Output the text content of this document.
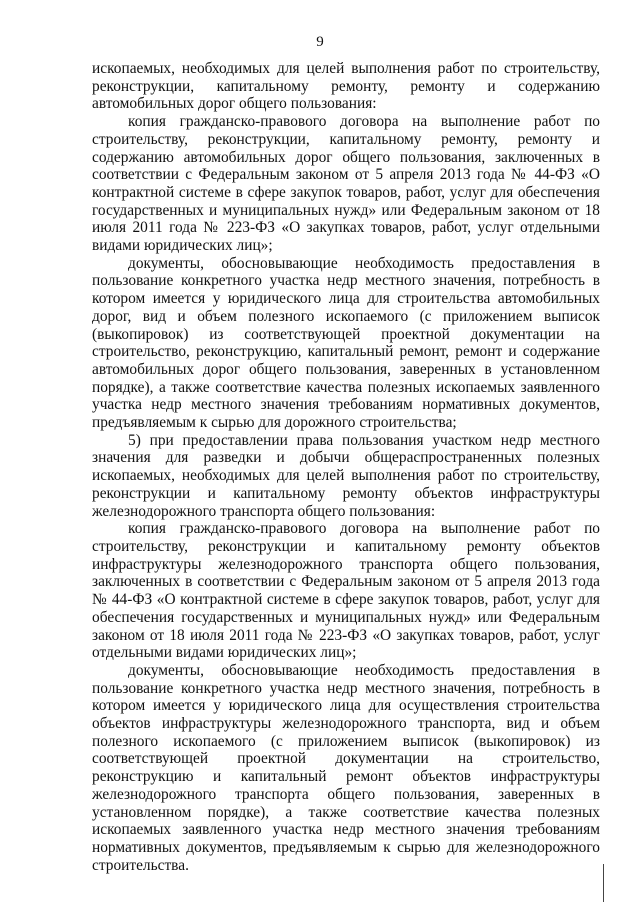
9

ископаемых, необходимых для целей выполнения работ по строительству, реконструкции, капитальному ремонту, ремонту и содержанию автомобильных дорог общего пользования:

копия гражданско-правового договора на выполнение работ по строительству, реконструкции, капитальному ремонту, ремонту и содержанию автомобильных дорог общего пользования, заключенных в соответствии с Федеральным законом от 5 апреля 2013 года № 44-ФЗ «О контрактной системе в сфере закупок товаров, работ, услуг для обеспечения государственных и муниципальных нужд» или Федеральным законом от 18 июля 2011 года № 223-ФЗ «О закупках товаров, работ, услуг отдельными видами юридических лиц»;

документы, обосновывающие необходимость предоставления в пользование конкретного участка недр местного значения, потребность в котором имеется у юридического лица для строительства автомобильных дорог, вид и объем полезного ископаемого (с приложением выписок (выкопировок) из соответствующей проектной документации на строительство, реконструкцию, капитальный ремонт, ремонт и содержание автомобильных дорог общего пользования, заверенных в установленном порядке), а также соответствие качества полезных ископаемых заявленного участка недр местного значения требованиям нормативных документов, предъявляемым к сырью для дорожного строительства;

5) при предоставлении права пользования участком недр местного значения для разведки и добычи общераспространенных полезных ископаемых, необходимых для целей выполнения работ по строительству, реконструкции и капитальному ремонту объектов инфраструктуры железнодорожного транспорта общего пользования:

копия гражданско-правового договора на выполнение работ по строительству, реконструкции и капитальному ремонту объектов инфраструктуры железнодорожного транспорта общего пользования, заключенных в соответствии с Федеральным законом от 5 апреля 2013 года № 44-ФЗ «О контрактной системе в сфере закупок товаров, работ, услуг для обеспечения государственных и муниципальных нужд» или Федеральным законом от 18 июля 2011 года № 223-ФЗ «О закупках товаров, работ, услуг отдельными видами юридических лиц»;

документы, обосновывающие необходимость предоставления в пользование конкретного участка недр местного значения, потребность в котором имеется у юридического лица для осуществления строительства объектов инфраструктуры железнодорожного транспорта, вид и объем полезного ископаемого (с приложением выписок (выкопировок) из соответствующей проектной документации на строительство, реконструкцию и капитальный ремонт объектов инфраструктуры железнодорожного транспорта общего пользования, заверенных в установленном порядке), а также соответствие качества полезных ископаемых заявленного участка недр местного значения требованиям нормативных документов, предъявляемым к сырью для железнодорожного строительства.
